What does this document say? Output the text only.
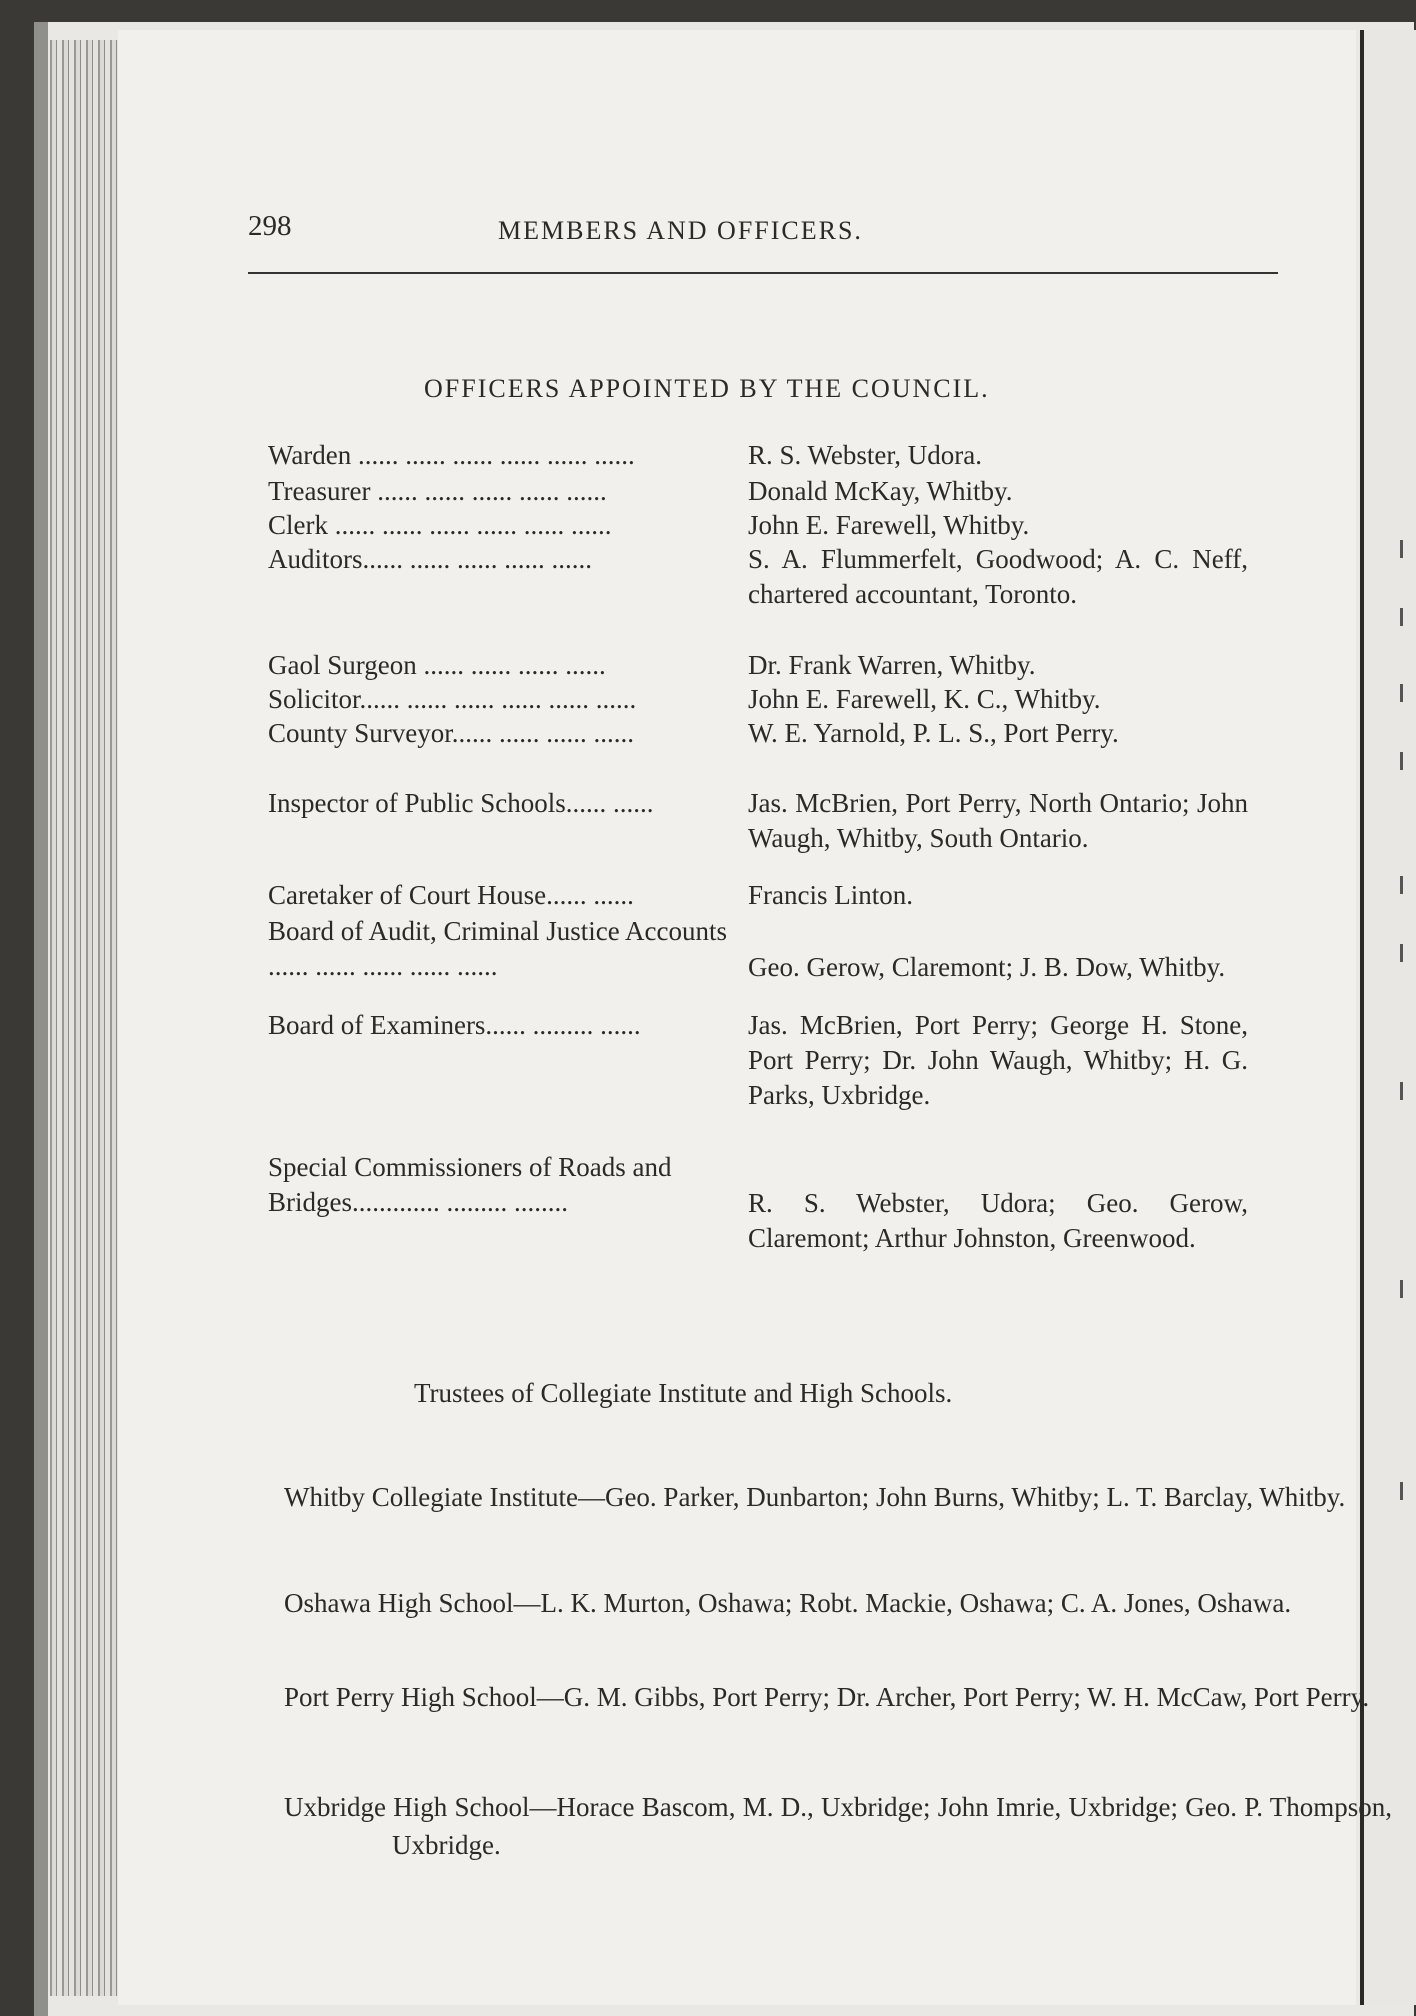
298	MEMBERS AND OFFICERS.
OFFICERS APPOINTED BY THE COUNCIL.
Warden ...... ...... ...... ...... ...... ......	R. S. Webster, Udora.
Treasurer ...... ...... ...... ...... ......	Donald McKay, Whitby.
Clerk ...... ...... ...... ...... ...... ......	John E. Farewell, Whitby.
Auditors...... ...... ...... ...... ......	S. A. Flummerfelt, Goodwood; A. C. Neff, chartered accountant, Toronto.
Gaol Surgeon ...... ...... ...... ......	Dr. Frank Warren, Whitby.
Solicitor...... ...... ...... ...... ...... ......	John E. Farewell, K. C., Whitby.
County Surveyor...... ...... ...... ......	W. E. Yarnold, P. L. S., Port Perry.
Inspector of Public Schools...... ......	Jas. McBrien, Port Perry, North Ontario; John Waugh, Whitby, South Ontario.
Caretaker of Court House...... ......	Francis Linton.
Board of Audit, Criminal Justice Accounts ...... ...... ...... ...... ......	Geo. Gerow, Claremont; J. B. Dow, Whitby.
Board of Examiners...... ......... ......	Jas. McBrien, Port Perry; George H. Stone, Port Perry; Dr. John Waugh, Whitby; H. G. Parks, Uxbridge.
Special Commissioners of Roads and Bridges............. ......... ........	R. S. Webster, Udora; Geo. Gerow, Claremont; Arthur Johnston, Greenwood.
Trustees of Collegiate Institute and High Schools.
Whitby Collegiate Institute—Geo. Parker, Dunbarton; John Burns, Whitby; L. T. Barclay, Whitby.
Oshawa High School—L. K. Murton, Oshawa; Robt. Mackie, Oshawa; C. A. Jones, Oshawa.
Port Perry High School—G. M. Gibbs, Port Perry; Dr. Archer, Port Perry; W. H. McCaw, Port Perry.
Uxbridge High School—Horace Bascom, M. D., Uxbridge; John Imrie, Uxbridge; Geo. P. Thompson, Uxbridge.
